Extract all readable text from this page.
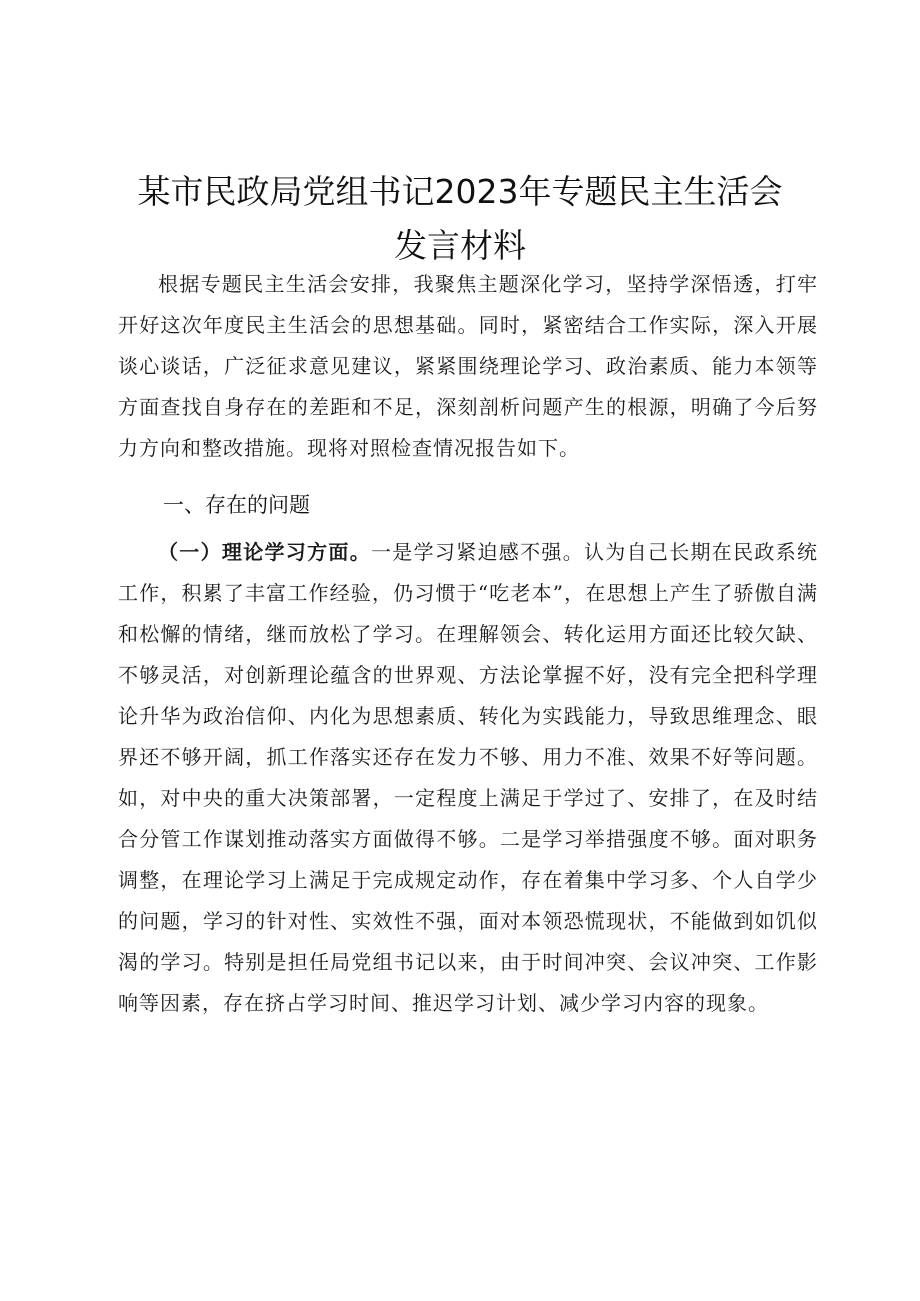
某市民政局党组书记2023年专题民主生活会
发言材料

根据专题民主生活会安排，我聚焦主题深化学习，坚持学深悟透，打牢开好这次年度民主生活会的思想基础。同时，紧密结合工作实际，深入开展谈心谈话，广泛征求意见建议，紧紧围绕理论学习、政治素质、能力本领等方面查找自身存在的差距和不足，深刻剖析问题产生的根源，明确了今后努力方向和整改措施。现将对照检查情况报告如下。

一、存在的问题

（一）理论学习方面。一是学习紧迫感不强。认为自己长期在民政系统工作，积累了丰富工作经验，仍习惯于“吃老本”，在思想上产生了骄傲自满和松懈的情绪，继而放松了学习。在理解领会、转化运用方面还比较欠缺、不够灵活，对创新理论蕴含的世界观、方法论掌握不好，没有完全把科学理论升华为政治信仰、内化为思想素质、转化为实践能力，导致思维理念、眼界还不够开阔，抓工作落实还存在发力不够、用力不准、效果不好等问题。如，对中央的重大决策部署，一定程度上满足于学过了、安排了，在及时结合分管工作谋划推动落实方面做得不够。二是学习举措强度不够。面对职务调整，在理论学习上满足于完成规定动作，存在着集中学习多、个人自学少的问题，学习的针对性、实效性不强，面对本领恐慌现状，不能做到如饥似渴的学习。特别是担任局党组书记以来，由于时间冲突、会议冲突、工作影响等因素，存在挤占学习时间、推迟学习计划、减少学习内容的现象。
